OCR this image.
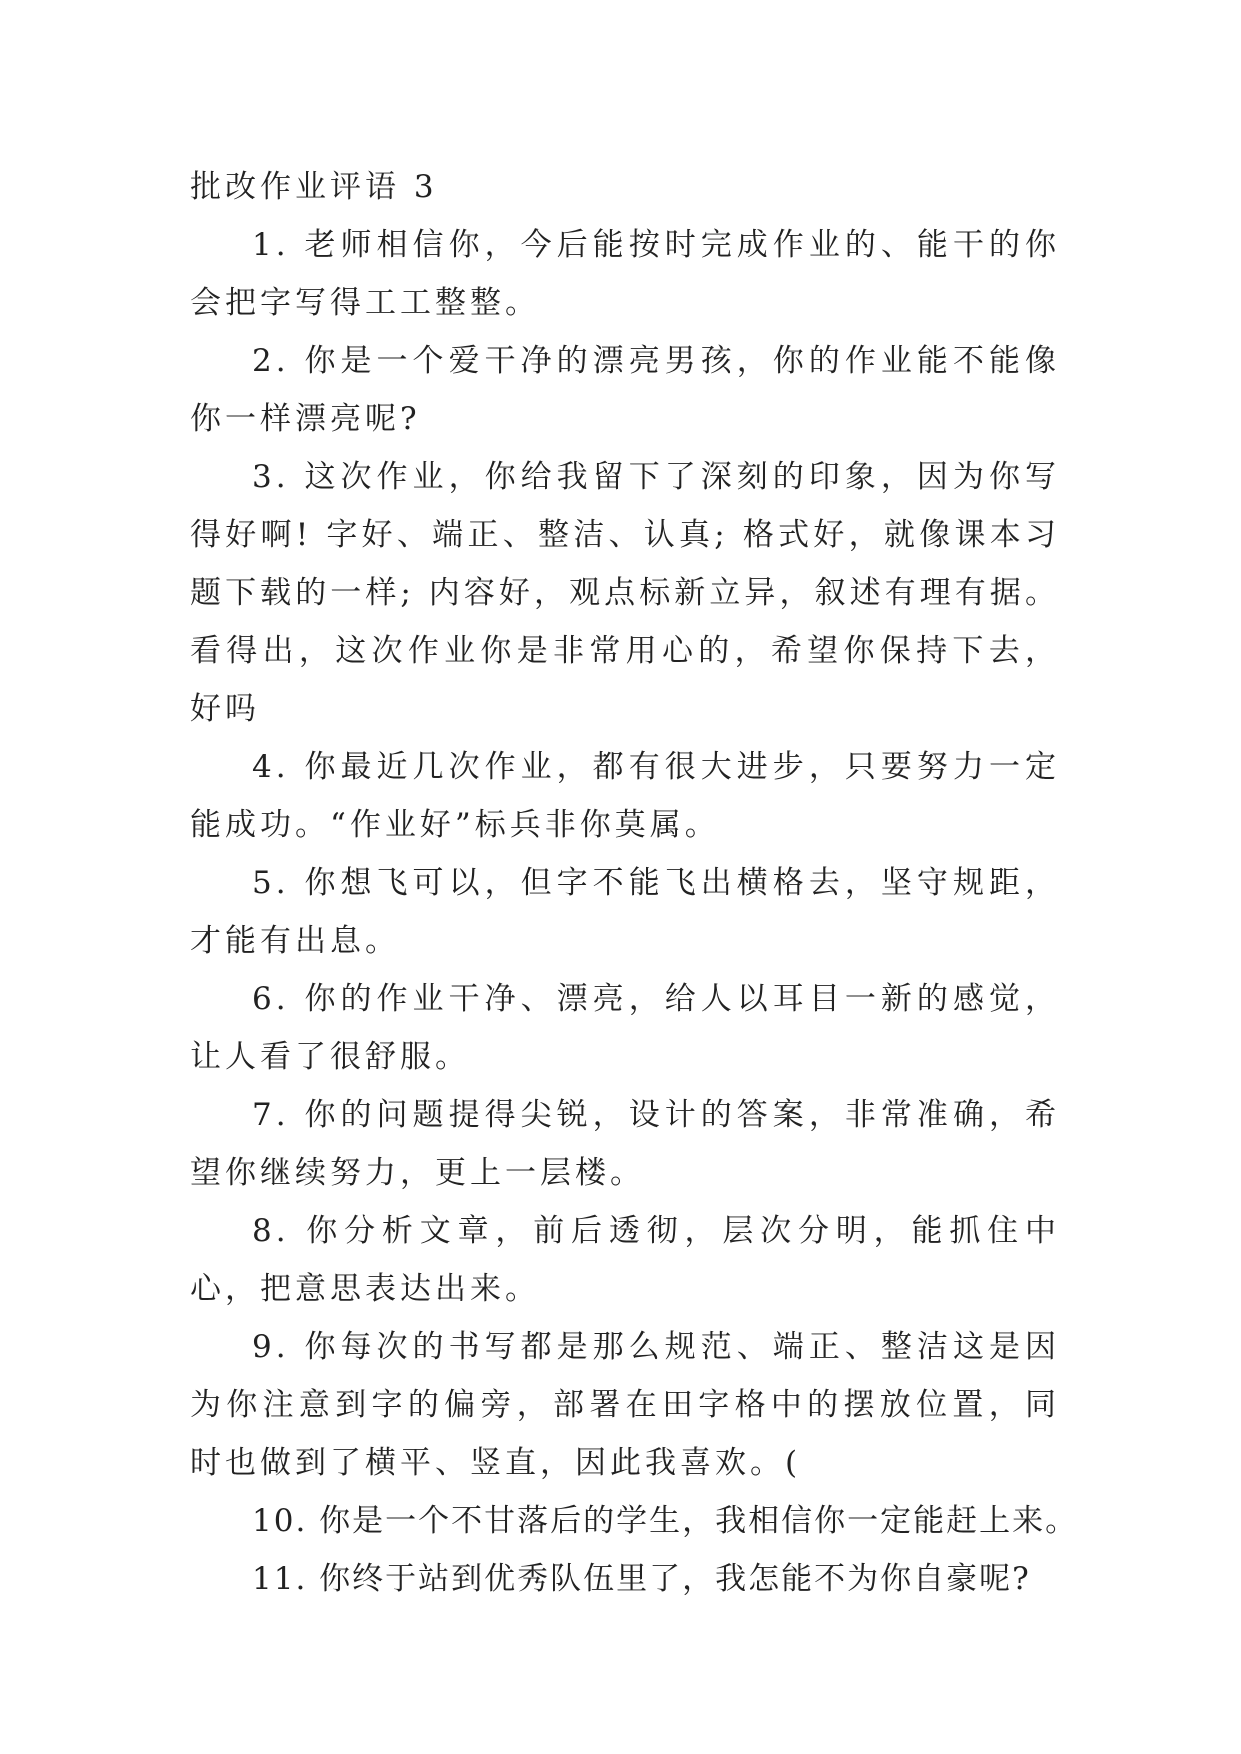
批改作业评语 3

1. 老师相信你，今后能按时完成作业的、能干的你会把字写得工工整整。

2. 你是一个爱干净的漂亮男孩，你的作业能不能像你一样漂亮呢?

3. 这次作业，你给我留下了深刻的印象，因为你写得好啊! 字好、端正、整洁、认真; 格式好，就像课本习题下载的一样; 内容好，观点标新立异，叙述有理有据。看得出，这次作业你是非常用心的，希望你保持下去，好吗

4. 你最近几次作业，都有很大进步，只要努力一定能成功。“作业好”标兵非你莫属。

5. 你想飞可以，但字不能飞出横格去，坚守规距，才能有出息。

6. 你的作业干净、漂亮，给人以耳目一新的感觉，让人看了很舒服。

7. 你的问题提得尖锐，设计的答案，非常准确，希望你继续努力，更上一层楼。

8. 你分析文章，前后透彻，层次分明，能抓住中心，把意思表达出来。

9. 你每次的书写都是那么规范、端正、整洁这是因为你注意到字的偏旁，部署在田字格中的摆放位置，同时也做到了横平、竖直，因此我喜欢。(

10. 你是一个不甘落后的学生，我相信你一定能赶上来。

11. 你终于站到优秀队伍里了，我怎能不为你自豪呢?
